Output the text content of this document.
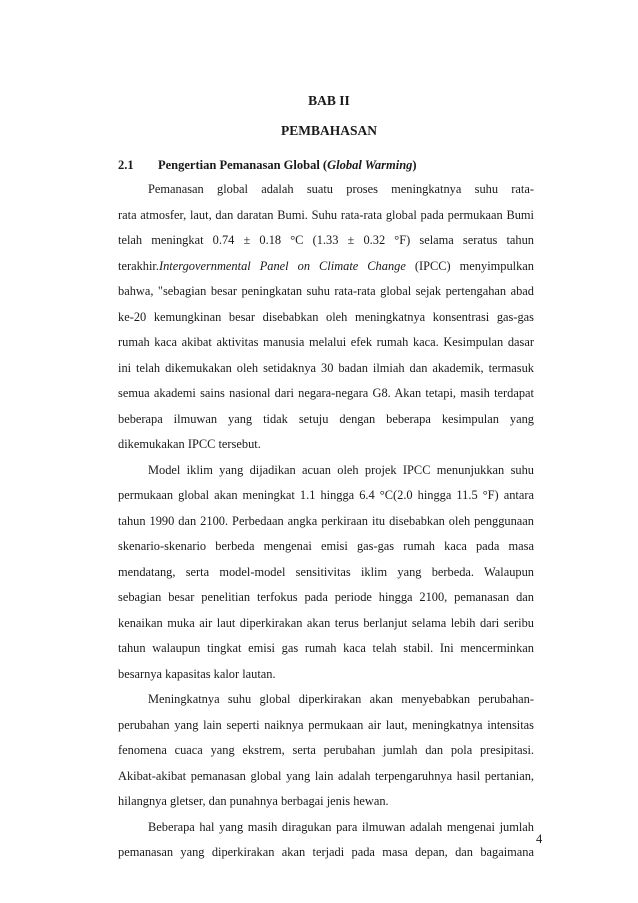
BAB II
PEMBAHASAN
2.1 Pengertian Pemanasan Global (Global Warming)
Pemanasan global adalah suatu proses meningkatnya suhu rata-
rata atmosfer, laut, dan daratan Bumi. Suhu rata-rata global pada permukaan Bumi
telah meningkat 0.74 ± 0.18 °C (1.33 ± 0.32 °F) selama seratus tahun
terakhir.Intergovernmental Panel on Climate Change (IPCC) menyimpulkan
bahwa, "sebagian besar peningkatan suhu rata-rata global sejak pertengahan abad
ke-20 kemungkinan besar disebabkan oleh meningkatnya konsentrasi gas-gas
rumah kaca akibat aktivitas manusia melalui efek rumah kaca. Kesimpulan dasar
ini telah dikemukakan oleh setidaknya 30 badan ilmiah dan akademik, termasuk
semua akademi sains nasional dari negara-negara G8. Akan tetapi, masih terdapat
beberapa ilmuwan yang tidak setuju dengan beberapa kesimpulan yang
dikemukakan IPCC tersebut.
Model iklim yang dijadikan acuan oleh projek IPCC menunjukkan suhu
permukaan global akan meningkat 1.1 hingga 6.4 °C(2.0 hingga 11.5 °F) antara
tahun 1990 dan 2100. Perbedaan angka perkiraan itu disebabkan oleh penggunaan
skenario-skenario berbeda mengenai emisi gas-gas rumah kaca pada masa
mendatang, serta model-model sensitivitas iklim yang berbeda. Walaupun
sebagian besar penelitian terfokus pada periode hingga 2100, pemanasan dan
kenaikan muka air laut diperkirakan akan terus berlanjut selama lebih dari seribu
tahun walaupun tingkat emisi gas rumah kaca telah stabil. Ini mencerminkan
besarnya kapasitas kalor lautan.
Meningkatnya suhu global diperkirakan akan menyebabkan perubahan-
perubahan yang lain seperti naiknya permukaan air laut, meningkatnya intensitas
fenomena cuaca yang ekstrem, serta perubahan jumlah dan pola presipitasi.
Akibat-akibat pemanasan global yang lain adalah terpengaruhnya hasil pertanian,
hilangnya gletser, dan punahnya berbagai jenis hewan.
Beberapa hal yang masih diragukan para ilmuwan adalah mengenai jumlah
pemanasan yang diperkirakan akan terjadi pada masa depan, dan bagaimana
4
